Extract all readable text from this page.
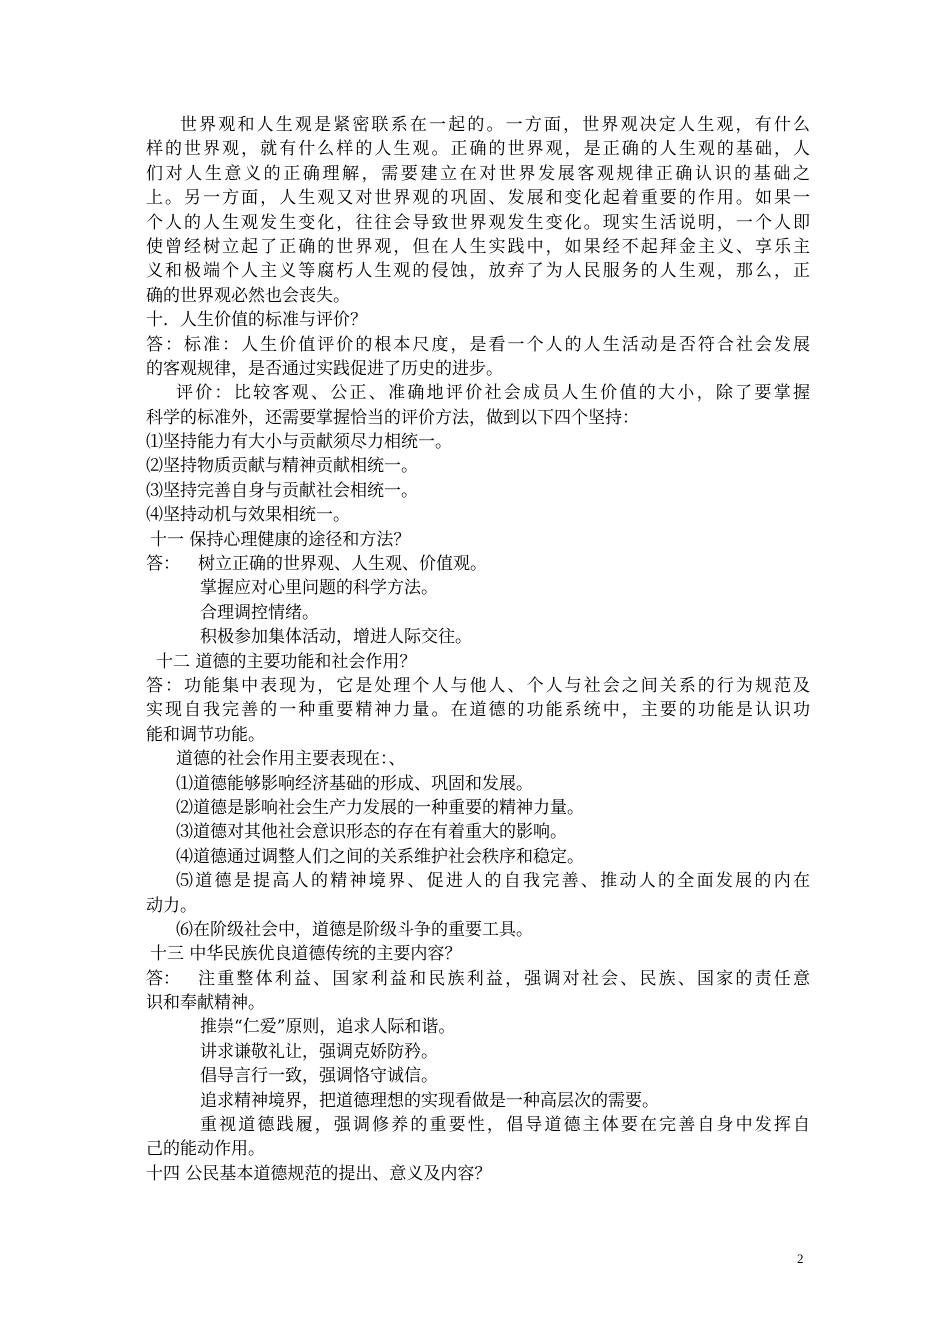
世界观和人生观是紧密联系在一起的。一方面，世界观决定人生观，有什么
样的世界观，就有什么样的人生观。正确的世界观，是正确的人生观的基础，人
们对人生意义的正确理解，需要建立在对世界发展客观规律正确认识的基础之
上。另一方面，人生观又对世界观的巩固、发展和变化起着重要的作用。如果一
个人的人生观发生变化，往往会导致世界观发生变化。现实生活说明，一个人即
使曾经树立起了正确的世界观，但在人生实践中，如果经不起拜金主义、享乐主
义和极端个人主义等腐朽人生观的侵蚀，放弃了为人民服务的人生观，那么，正
确的世界观必然也会丧失。
十．人生价值的标准与评价？
答：标准：人生价值评价的根本尺度，是看一个人的人生活动是否符合社会发展
的客观规律，是否通过实践促进了历史的进步。
评价：比较客观、公正、准确地评价社会成员人生价值的大小，除了要掌握
科学的标准外，还需要掌握恰当的评价方法，做到以下四个坚持：
⑴坚持能力有大小与贡献须尽力相统一。
⑵坚持物质贡献与精神贡献相统一。
⑶坚持完善自身与贡献社会相统一。
⑷坚持动机与效果相统一。
十一 保持心理健康的途径和方法？
答： 树立正确的世界观、人生观、价值观。
掌握应对心里问题的科学方法。
合理调控情绪。
积极参加集体活动，增进人际交往。
十二 道德的主要功能和社会作用？
答：功能集中表现为，它是处理个人与他人、个人与社会之间关系的行为规范及
实现自我完善的一种重要精神力量。在道德的功能系统中，主要的功能是认识功
能和调节功能。
道德的社会作用主要表现在：、
⑴道德能够影响经济基础的形成、巩固和发展。
⑵道德是影响社会生产力发展的一种重要的精神力量。
⑶道德对其他社会意识形态的存在有着重大的影响。
⑷道德通过调整人们之间的关系维护社会秩序和稳定。
⑸道德是提高人的精神境界、促进人的自我完善、推动人的全面发展的内在
动力。
⑹在阶级社会中，道德是阶级斗争的重要工具。
十三 中华民族优良道德传统的主要内容？
答：	注重整体利益、国家利益和民族利益，强调对社会、民族、国家的责任意
识和奉献精神。
推崇“仁爱”原则，追求人际和谐。
讲求谦敬礼让，强调克娇防矜。
倡导言行一致，强调恪守诚信。
追求精神境界，把道德理想的实现看做是一种高层次的需要。
重视道德践履，强调修养的重要性，倡导道德主体要在完善自身中发挥自
己的能动作用。
十四 公民基本道德规范的提出、意义及内容？
2
